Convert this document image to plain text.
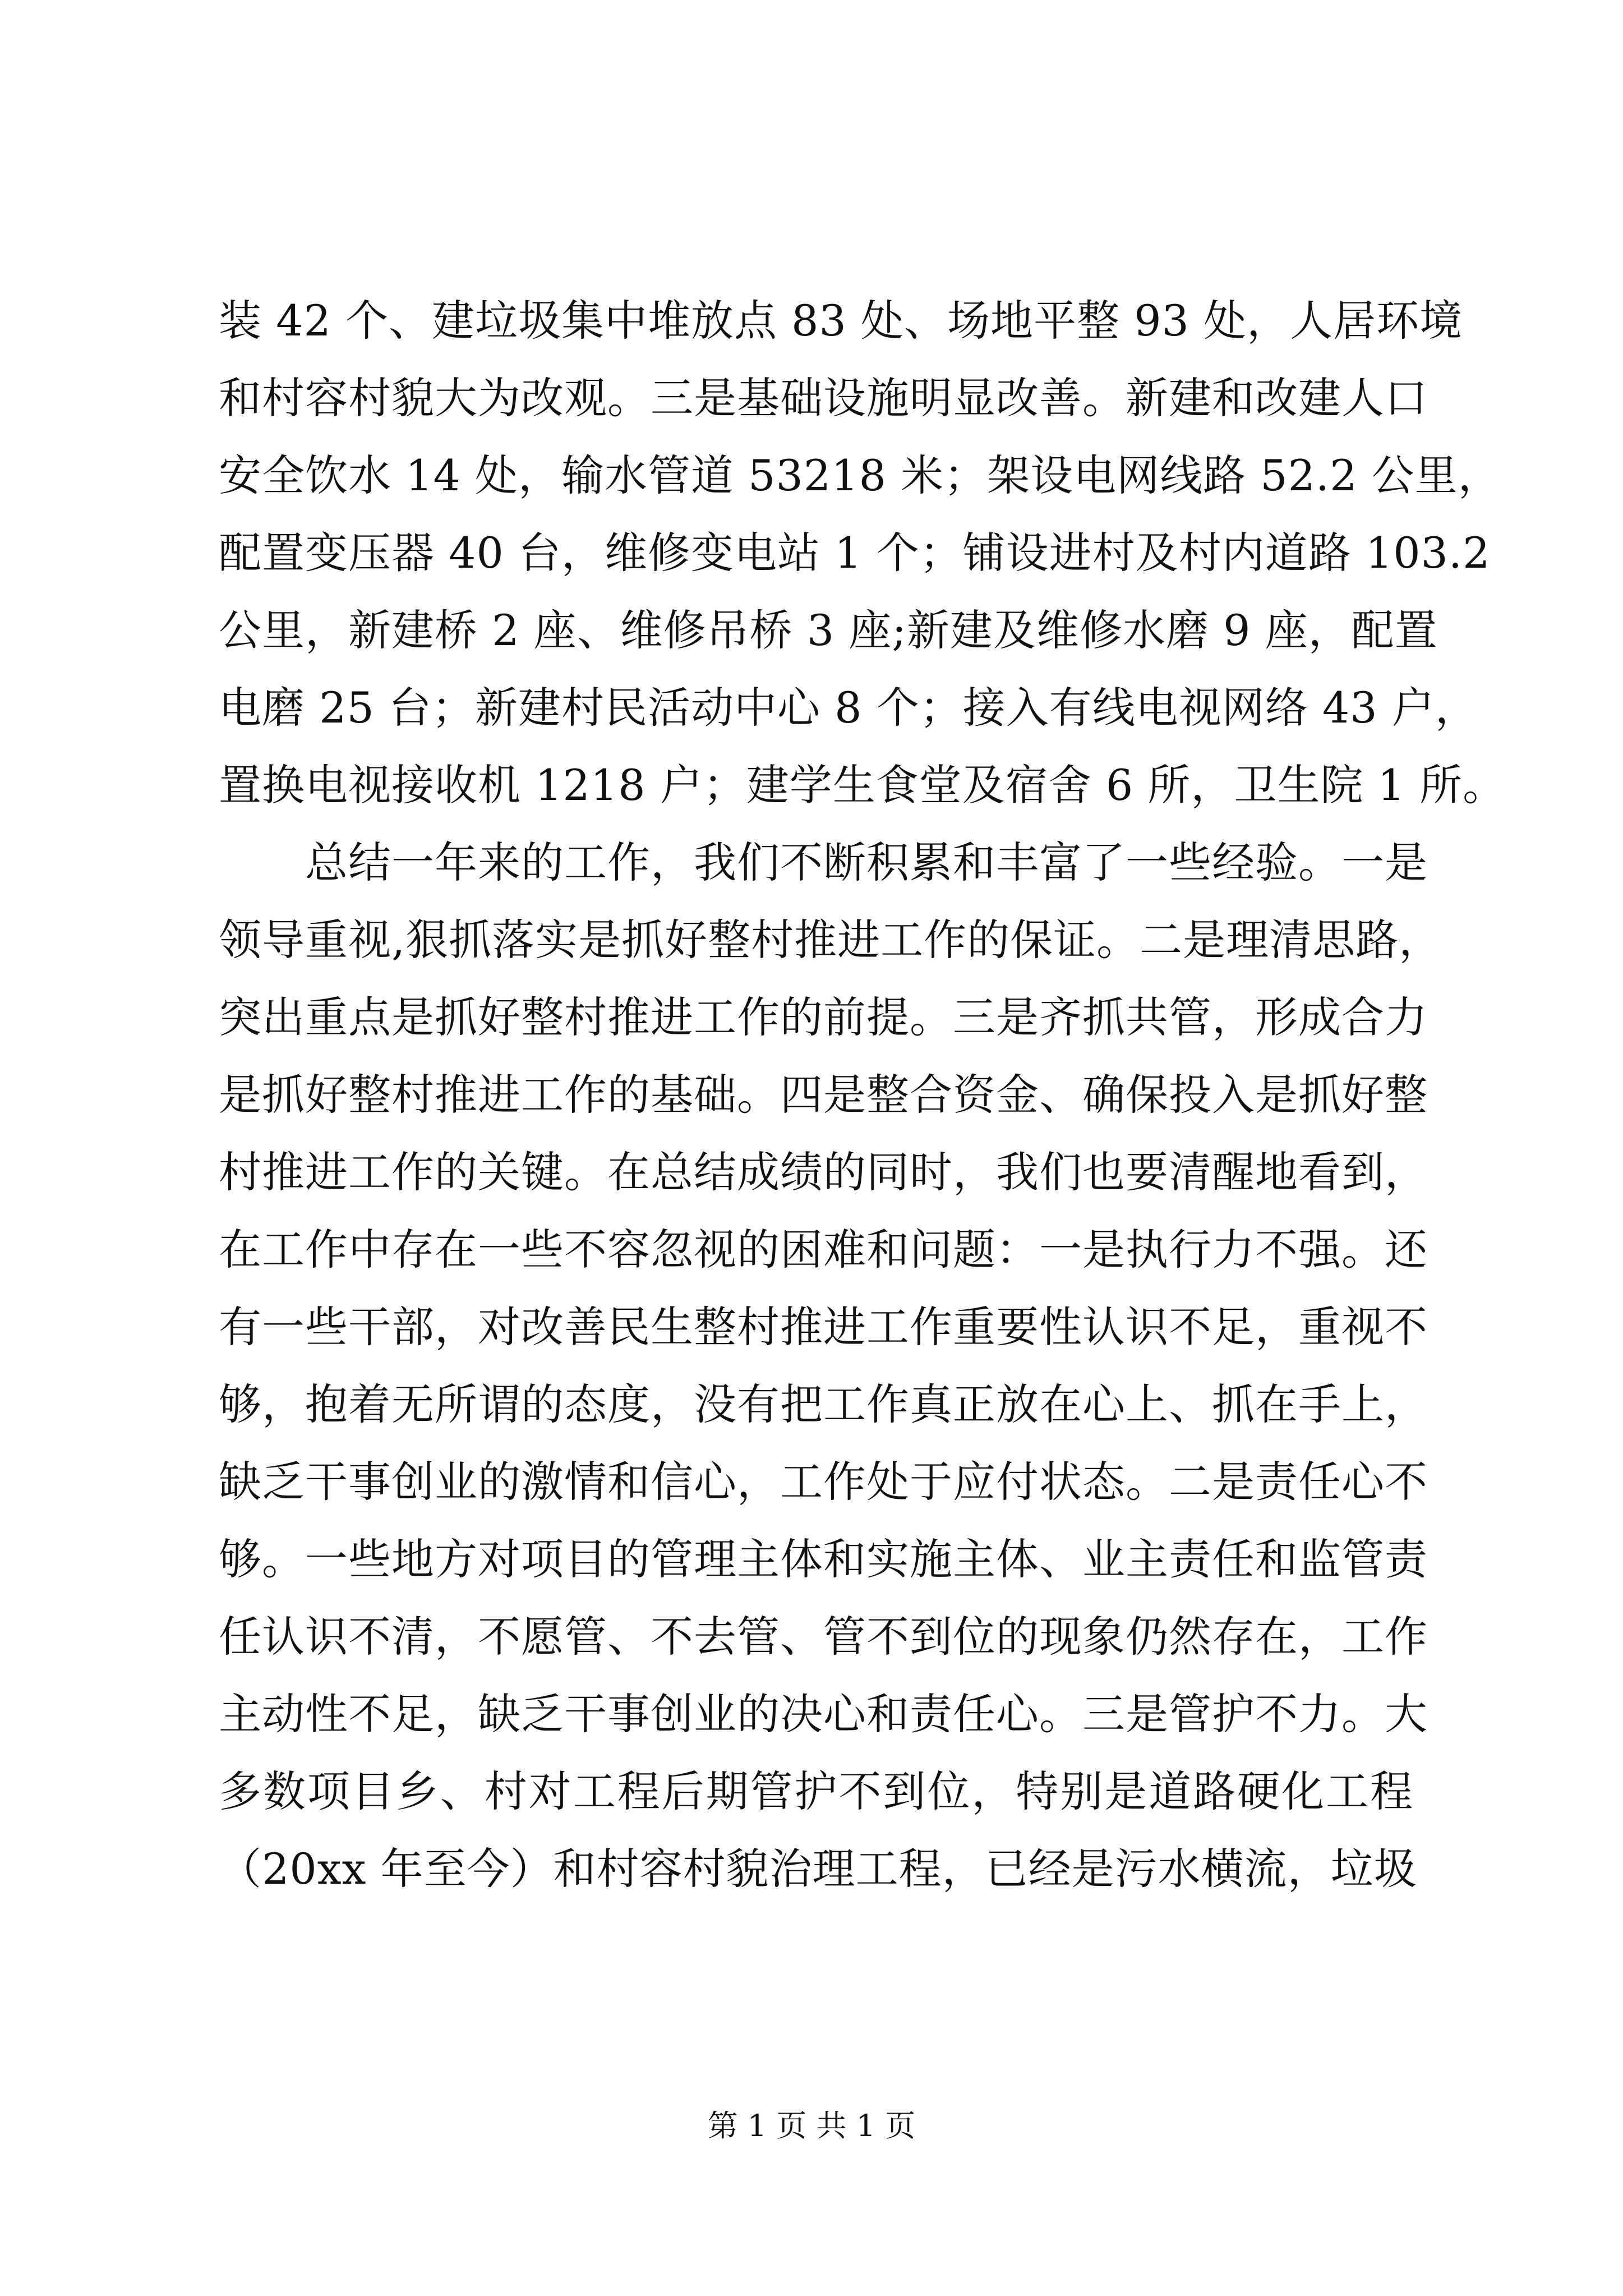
装 42 个、建垃圾集中堆放点 83 处、场地平整 93 处，人居环境
和村容村貌大为改观。三是基础设施明显改善。新建和改建人口
安全饮水 14 处，输水管道 53218 米；架设电网线路 52.2 公里，
配置变压器 40 台，维修变电站 1 个；铺设进村及村内道路 103.2
公里，新建桥 2 座、维修吊桥 3 座;新建及维修水磨 9 座，配置
电磨 25 台；新建村民活动中心 8 个；接入有线电视网络 43 户，
置换电视接收机 1218 户；建学生食堂及宿舍 6 所，卫生院 1 所。
　　总结一年来的工作，我们不断积累和丰富了一些经验。一是
领导重视,狠抓落实是抓好整村推进工作的保证。二是理清思路，
突出重点是抓好整村推进工作的前提。三是齐抓共管，形成合力
是抓好整村推进工作的基础。四是整合资金、确保投入是抓好整
村推进工作的关键。在总结成绩的同时，我们也要清醒地看到，
在工作中存在一些不容忽视的困难和问题：一是执行力不强。还
有一些干部，对改善民生整村推进工作重要性认识不足，重视不
够，抱着无所谓的态度，没有把工作真正放在心上、抓在手上，
缺乏干事创业的激情和信心，工作处于应付状态。二是责任心不
够。一些地方对项目的管理主体和实施主体、业主责任和监管责
任认识不清，不愿管、不去管、管不到位的现象仍然存在，工作
主动性不足，缺乏干事创业的决心和责任心。三是管护不力。大
多数项目乡、村对工程后期管护不到位，特别是道路硬化工程
（20xx 年至今）和村容村貌治理工程，已经是污水横流，垃圾
第 1 页 共 1 页
